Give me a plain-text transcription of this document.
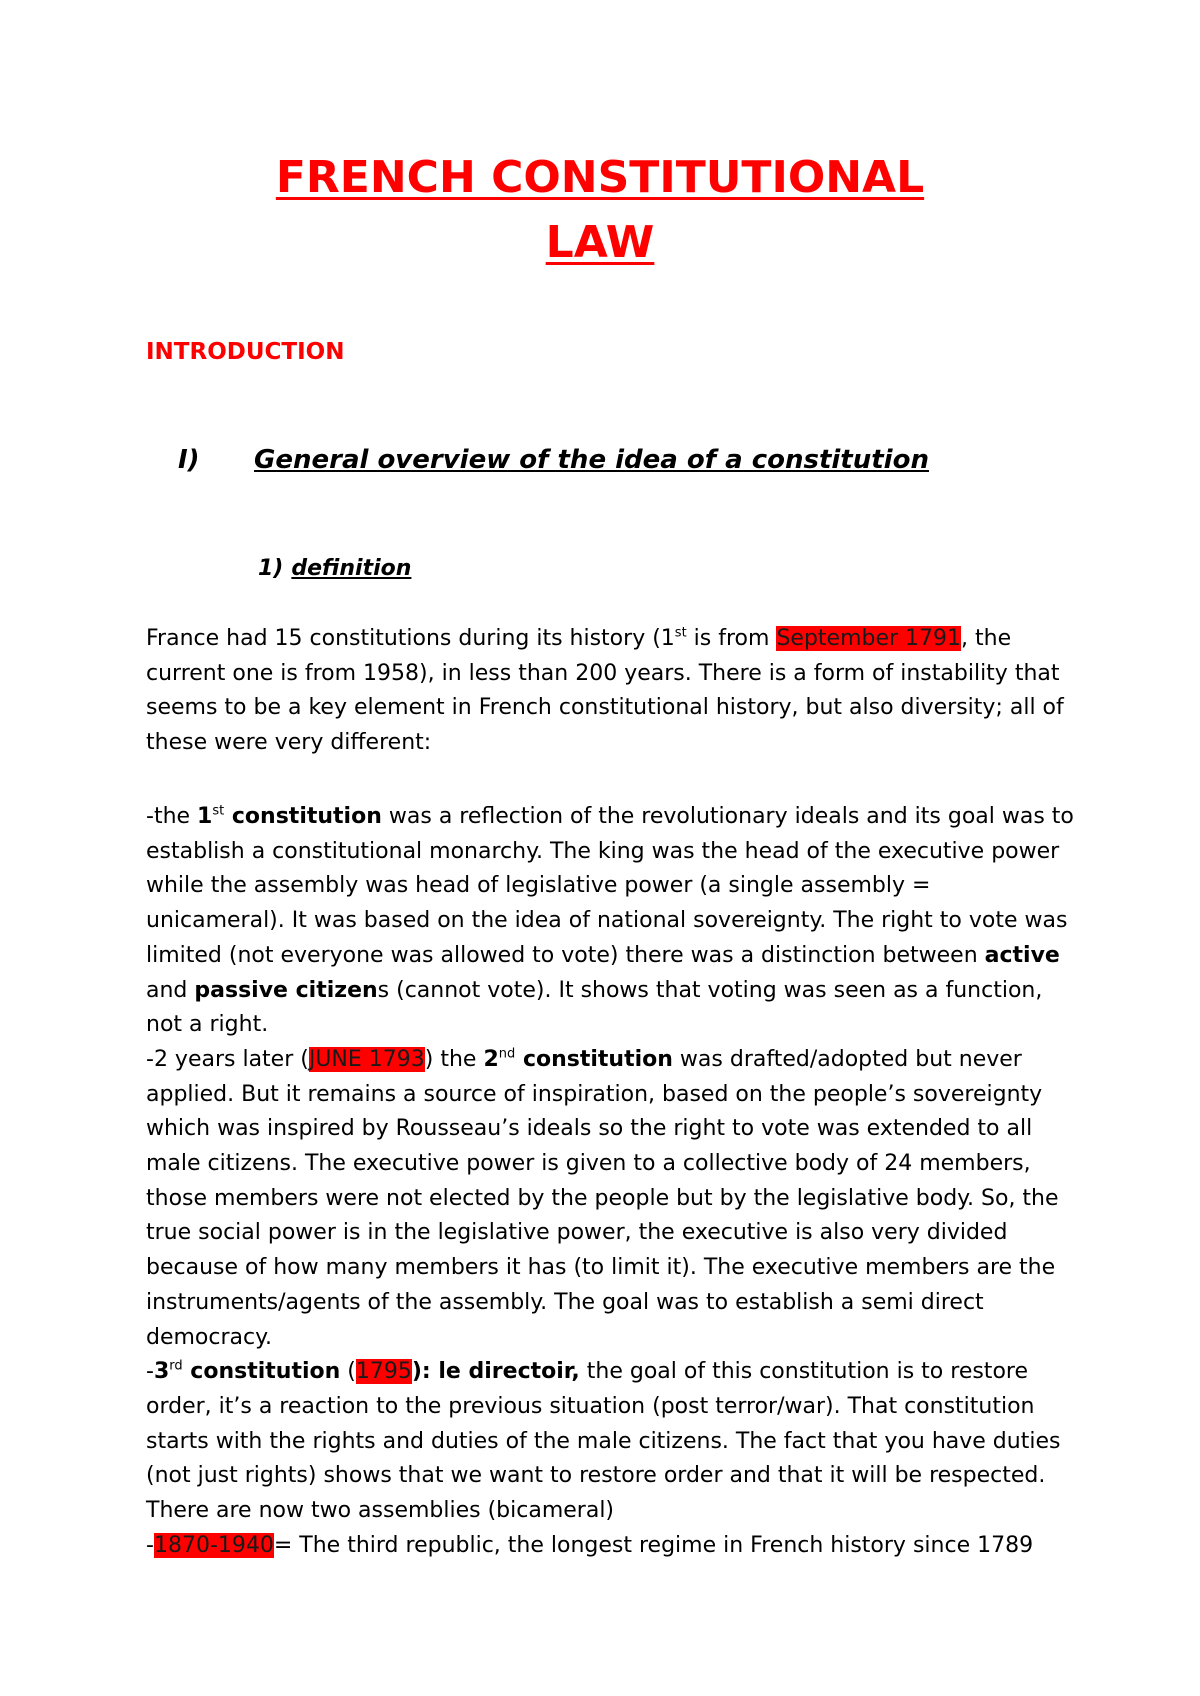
FRENCH CONSTITUTIONAL
LAW
INTRODUCTION
I) General overview of the idea of a constitution
1) definition

France had 15 constitutions during its history (1st is from September 1791, the current one is from 1958), in less than 200 years. There is a form of instability that seems to be a key element in French constitutional history, but also diversity; all of these were very different:

-the 1st constitution was a reflection of the revolutionary ideals and its goal was to establish a constitutional monarchy. The king was the head of the executive power while the assembly was head of legislative power (a single assembly = unicameral). It was based on the idea of national sovereignty. The right to vote was limited (not everyone was allowed to vote) there was a distinction between active and passive citizens (cannot vote). It shows that voting was seen as a function, not a right.
-2 years later (JUNE 1793) the 2nd constitution was drafted/adopted but never applied. But it remains a source of inspiration, based on the people’s sovereignty which was inspired by Rousseau’s ideals so the right to vote was extended to all male citizens. The executive power is given to a collective body of 24 members, those members were not elected by the people but by the legislative body. So, the true social power is in the legislative power, the executive is also very divided because of how many members it has (to limit it). The executive members are the instruments/agents of the assembly. The goal was to establish a semi direct democracy.
-3rd constitution (1795): le directoir, the goal of this constitution is to restore order, it’s a reaction to the previous situation (post terror/war). That constitution starts with the rights and duties of the male citizens. The fact that you have duties (not just rights) shows that we want to restore order and that it will be respected. There are now two assemblies (bicameral)
-1870-1940= The third republic, the longest regime in French history since 1789
